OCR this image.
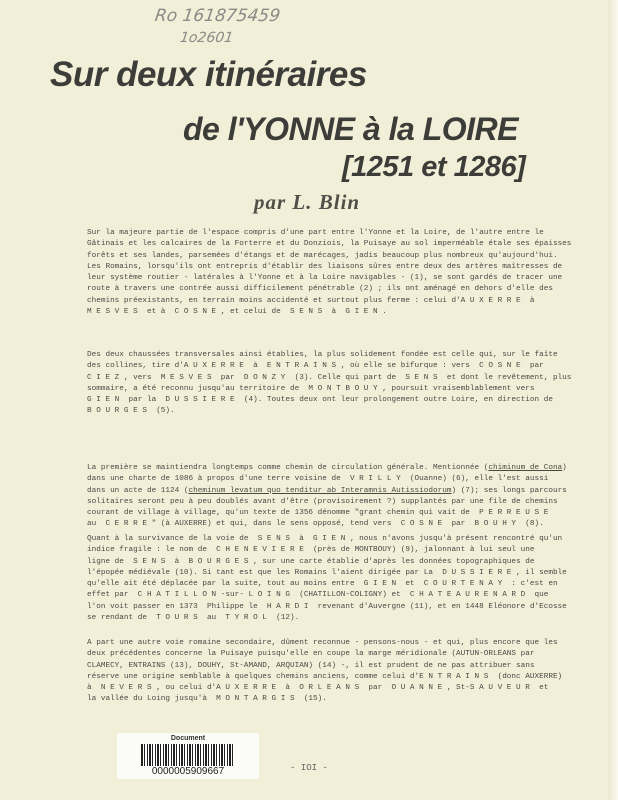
Ro 161875459
1o2601
Sur deux itinéraires
de l'YONNE à la LOIRE
[1251 et 1286]
par L. Blin
Sur la majeure partie de l'espace compris d'une part entre l'Yonne et la Loire, de l'autre entre le
Gâtinais et les calcaires de la Forterre et du Donziois, la Puisaye au sol imperméable étale ses épaisses
forêts et ses landes, parsemées d'étangs et de marécages, jadis beaucoup plus nombreux qu'aujourd'hui.
Les Romains, lorsqu'ils ont entrepris d'établir des liaisons sûres entre deux des artères maîtresses de
leur système routier - latérales à l'Yonne et à la Loire navigables - (1), se sont gardés de tracer une
route à travers une contrée aussi difficilement pénétrable (2) ; ils ont aménagé en dehors d'elle des
chemins préexistants, en terrain moins accidenté et surtout plus ferme : celui d'A U X E R R E  à
M E S V E S  et à  C O S N E , et celui de  S E N S  à  G I E N .
Des deux chaussées transversales ainsi établies, la plus solidement fondée est celle qui, sur le faîte
des collines, tire d'A U X E R R E  à  E N T R A I N S , où elle se bifurque : vers  C O S N E  par
C I E Z , vers  M E S V E S  par  D O N Z Y  (3). Celle qui part de  S E N S  et dont le revêtement, plus
sommaire, a été reconnu jusqu'au territoire de  M O N T B O U Y , poursuit vraisemblablement vers
G I E N  par la  D U S S I E R E  (4). Toutes deux ont leur prolongement outre Loire, en direction de
B O U R G E S  (5).
La première se maintiendra longtemps comme chemin de circulation générale. Mentionnée (chiminum de Cona)
dans une charte de 1086 à propos d'une terre voisine de  V R I L L Y  (Ouanne) (6), elle l'est aussi
dans un acte de 1124 (cheminum levatum quo tenditur ab Interamnis Autissiodorum) (7); ses longs parcours
solitaires seront peu à peu doublés avant d'être (provisoirement ?) supplantés par une file de chemins
courant de village à village, qu'un texte de 1356 dénomme "grant chemin qui vait de  P E R R E U S E
au  C E R R E " (à AUXERRE) et qui, dans le sens opposé, tend vers  C O S N E  par  B O U H Y  (8).
Quant à la survivance de la voie de  S E N S  à  G I E N , nous n'avons jusqu'à présent rencontré qu'un
indice fragile : le nom de  C H E N E V I E R E  (près de MONTBOUY) (9), jalonnant à lui seul une
ligne de  S E N S  à  B O U R G E S , sur une carte établie d'après les données topographiques de
l'épopée médiévale (10). Si tant est que les Romains l'aient dirigée par La  D U S S I E R E , il semble
qu'elle ait été déplacée par la suite, tout au moins entre  G I E N  et  C O U R T E N A Y  : c'est en
effet par  C H A T I L L O N -sur- L O I N G  (CHATILLON-COLIGNY) et  C H A T E A U R E N A R D  que
l'on voit passer en 1373  Philippe le  H A R D I  revenant d'Auvergne (11), et en 1448 Eléonore d'Ecosse
se rendant de  T O U R S  au  T Y R O L  (12).
A part une autre voie romaine secondaire, dûment reconnue - pensons-nous - et qui, plus encore que les
deux précédentes concerne la Puisaye puisqu'elle en coupe la marge méridionale (AUTUN-ORLEANS par
CLAMECY, ENTRAINS (13), DOUHY, St-AMAND, ARQUIAN) (14) -, il est prudent de ne pas attribuer sans
réserve une origine semblable à quelques chemins anciens, comme celui d'E N T R A I N S  (donc AUXERRE)
à  N E V E R S , ou celui d'A U X E R R E  à  O R L E A N S  par  O U A N N E , St-S A U V E U R  et
la vallée du Loing jusqu'à  M O N T A R G I S  (15).
Document
0000005909667	- IOI -
